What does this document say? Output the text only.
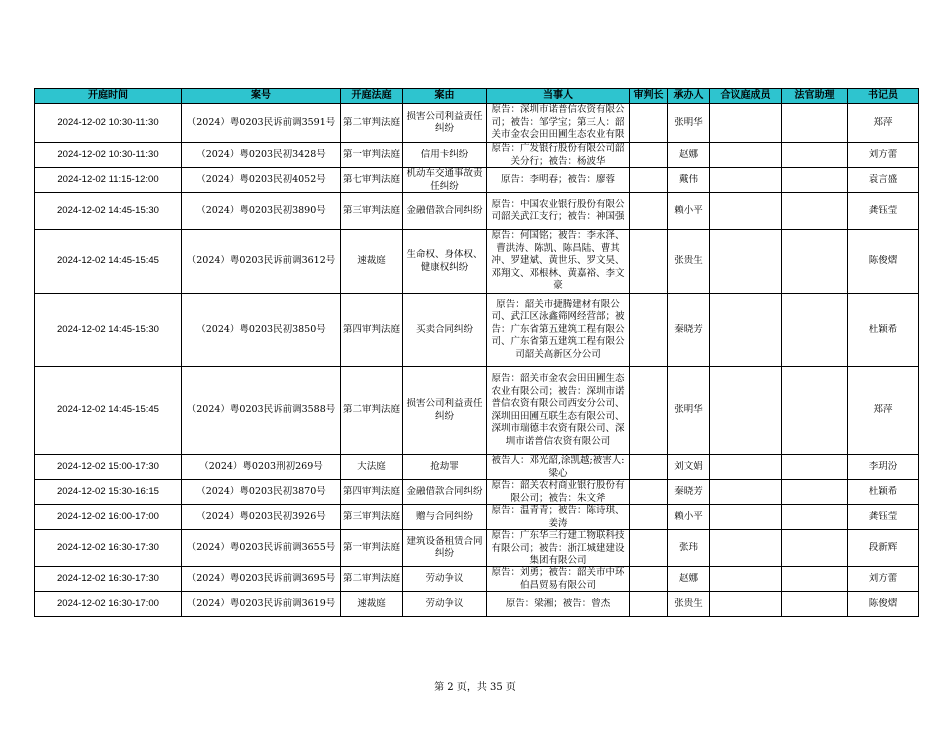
开庭时间	案号	开庭法庭	案由	当事人	审判长	承办人	合议庭成员	法官助理	书记员

2024-12-02 10:30-11:30	（2024）粤0203民诉前调3591号	第二审判法庭	损害公司利益责任纠纷	原告：深圳市诺普信农资有限公司；被告：邹学宝；第三人：韶关市金农会田田圃生态农业有限		张明华			郑萍

2024-12-02 10:30-11:30	（2024）粤0203民初3428号	第一审判法庭	信用卡纠纷	原告：广发银行股份有限公司韶关分行；被告：杨波华		赵娜			刘方蕾

2024-12-02 11:15-12:00	（2024）粤0203民初4052号	第七审判法庭	机动车交通事故责任纠纷	原告：李明春；被告：廖蓉		戴伟			袁言盛

2024-12-02 14:45-15:30	（2024）粤0203民初3890号	第三审判法庭	金融借款合同纠纷	原告：中国农业银行股份有限公司韶关武江支行；被告：神国强		赖小平			龚钰莹

2024-12-02 14:45-15:45	（2024）粤0203民诉前调3612号	速裁庭	生命权、身体权、健康权纠纷	原告：何国铭；被告：李永泽、曹洪涛、陈凯、陈昌陆、曹其冲、罗建斌、黄世乐、罗文昊、邓翔文、邓根林、黄嘉裕、李文豪		张贵生			陈俊熠

2024-12-02 14:45-15:30	（2024）粤0203民初3850号	第四审判法庭	买卖合同纠纷	原告：韶关市捷腾建材有限公司、武江区泳鑫筛网经营部；被告：广东省第五建筑工程有限公司、广东省第五建筑工程有限公司韶关高新区分公司		秦晓芳			杜颖希

2024-12-02 14:45-15:45	（2024）粤0203民诉前调3588号	第二审判法庭	损害公司利益责任纠纷	原告：韶关市金农会田田圃生态农业有限公司；被告：深圳市诺普信农资有限公司西安分公司、深圳田田圃互联生态有限公司、深圳市瑞德丰农资有限公司、深圳市诺普信农资有限公司		张明华			郑萍

2024-12-02 15:00-17:30	（2024）粤0203刑初269号	大法庭	抢劫罪	被告人：邓光韶,涂凯越;被害人:梁心		刘文娟			李玥汾

2024-12-02 15:30-16:15	（2024）粤0203民初3870号	第四审判法庭	金融借款合同纠纷	原告：韶关农村商业银行股份有限公司；被告：朱文斧		秦晓芳			杜颖希

2024-12-02 16:00-17:00	（2024）粤0203民初3926号	第三审判法庭	赠与合同纠纷	原告：温青青；被告：陈诗琪、姜涛		赖小平			龚钰莹

2024-12-02 16:30-17:30	（2024）粤0203民诉前调3655号	第一审判法庭	建筑设备租赁合同纠纷	原告：广东华三行建工物联科技有限公司；被告：浙江城建建设集团有限公司		张玮			段新辉

2024-12-02 16:30-17:30	（2024）粤0203民诉前调3695号	第二审判法庭	劳动争议	原告：刘勇；被告：韶关市中环伯昌贸易有限公司		赵娜			刘方蕾

2024-12-02 16:30-17:00	（2024）粤0203民诉前调3619号	速裁庭	劳动争议	原告：梁湘；被告：曾杰		张贵生			陈俊熠
第 2 页，共 35 页
